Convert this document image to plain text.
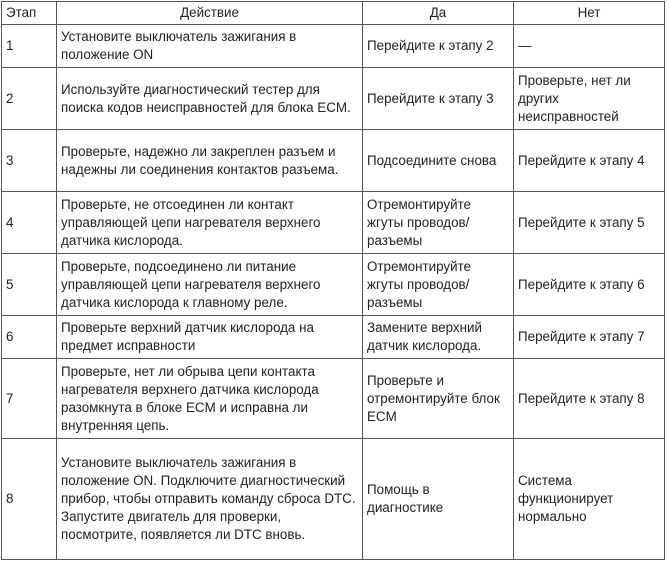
Этап	Действие	Да	Нет
1	Установите выключатель зажигания в положение ON	Перейдите к этапу 2	—
2	Используйте диагностический тестер для поиска кодов неисправностей для блока ECM.	Перейдите к этапу 3	Проверьте, нет ли других неисправностей
3	Проверьте, надежно ли закреплен разъем и надежны ли соединения контактов разъема.	Подсоедините снова	Перейдите к этапу 4
4	Проверьте, не отсоединен ли контакт управляющей цепи нагревателя верхнего датчика кислорода.	Отремонтируйте жгуты проводов/ разъемы	Перейдите к этапу 5
5	Проверьте, подсоединено ли питание управляющей цепи нагревателя верхнего датчика кислорода к главному реле.	Отремонтируйте жгуты проводов/ разъемы	Перейдите к этапу 6
6	Проверьте верхний датчик кислорода на предмет исправности	Замените верхний датчик кислорода.	Перейдите к этапу 7
7	Проверьте, нет ли обрыва цепи контакта нагревателя верхнего датчика кислорода разомкнута в блоке ECM и исправна ли внутренняя цепь.	Проверьте и отремонтируйте блок ECM	Перейдите к этапу 8
8	Установите выключатель зажигания в положение ON. Подключите диагностический прибор, чтобы отправить команду сброса DTC. Запустите двигатель для проверки, посмотрите, появляется ли DTC вновь.	Помощь в диагностике	Система функционирует нормально
